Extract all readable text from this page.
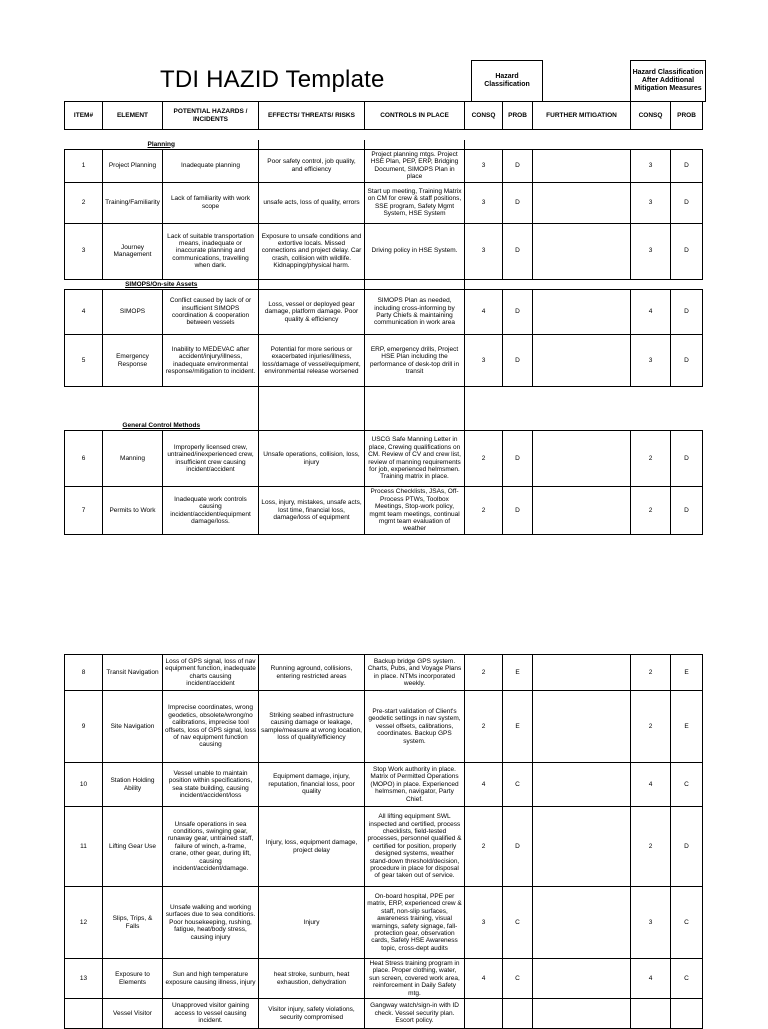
TDI HAZID Template	Hazard Classification
Hazard Classification After Additional Mitigation Measures
ITEM#	ELEMENT	POTENTIAL HAZARDS / INCIDENTS	EFFECTS/ THREATS/ RISKS	CONTROLS IN PLACE	CONSQ	PROB	FURTHER MITIGATION	CONSQ	PROB

Planning									
1	Project Planning	Inadequate planning	Poor safety control, job quality, and efficiency	Project planning mtgs. Project HSE Plan, PEP, ERP, Bridging Document, SIMOPS Plan in place	3	D		3	D
2	Training/Familiarity	Lack of familiarity with work scope	unsafe acts, loss of quality, errors	Start up meeting, Training Matrix on CM for crew & staff positions, SSE program, Safety Mgmt System, HSE System	3	D		3	D
3	Journey Management	Lack of suitable transportation means, inadequate or inaccurate planning and communications, travelling when dark.	Exposure to unsafe conditions and extortive locals. Missed connections and project delay. Car crash, collision with wildlife. Kidnapping/physical harm.	Driving policy in HSE System.	3	D		3	D
SIMOPS/On-site Assets									
4	SIMOPS	Conflict caused by lack of or insufficient SIMOPS coordination & cooperation between vessels	Loss, vessel or deployed gear damage, platform damage. Poor quality & efficiency	SIMOPS Plan as needed, including cross-informing by Party Chiefs & maintaining communication in work area	4	D		4	D
5	Emergency Response	Inability to MEDEVAC after accident/injury/illness, inadequate environmental response/mitigation to incident.	Potential for more serious or exacerbated injuries/illness, loss/damage of vessel/equipment, environmental release worsened	ERP, emergency drills, Project HSE Plan including the performance of desk-top drill in transit	3	D		3	D

General Control Methods									
6	Manning	Improperly licensed crew, untrained/inexperienced crew, insufficient crew causing incident/accident	Unsafe operations, collision, loss, injury	USCG Safe Manning Letter in place, Crewing qualifications on CM. Review of CV and crew list, review of manning requirements for job, experienced helmsmen. Training matrix in place.	2	D		2	D
7	Permits to Work	Inadequate work controls causing incident/accident/equipment damage/loss.	Loss, injury, mistakes, unsafe acts, lost time, financial loss, damage/loss of equipment	Process Checklists, JSAs, Off-Process PTWs, Toolbox Meetings, Stop-work policy, mgmt team meetings, continual mgmt team evaluation of weather	2	D		2	D
8	Transit Navigation	Loss of GPS signal, loss of nav equipment function, inadequate charts causing incident/accident	Running aground, collisions, entering restricted areas	Backup bridge GPS system. Charts, Pubs, and Voyage Plans in place. NTMs incorporated weekly.	2	E		2	E
9	Site Navigation	Imprecise coordinates, wrong geodetics, obsolete/wrong/no calibrations, imprecise tool offsets, loss of GPS signal, loss of nav equipment function causing	Striking seabed infrastructure causing damage or leakage, sample/measure at wrong location, loss of quality/efficiency	Pre-start validation of Client's geodetic settings in nav system, vessel offsets, calibrations, coordinates. Backup GPS system.	2	E		2	E
10	Station Holding Ability	Vessel unable to maintain position within specifications, sea state building, causing incident/accident/loss	Equipment damage, injury, reputation, financial loss, poor quality	Stop Work authority in place. Matrix of Permitted Operations (MOPO) in place. Experienced helmsmen, navigator, Party Chief.	4	C		4	C
11	Lifting Gear Use	Unsafe operations in sea conditions, swinging gear, runaway gear, untrained staff, failure of winch, a-frame, crane, other gear, during lift, causing incident/accident/damage.	Injury, loss, equipment damage, project delay	All lifting equipment SWL inspected and certified, process checklists, field-tested processes, personnel qualified & certified for position, properly designed systems, weather stand-down threshold/decision, procedure in place for disposal of gear taken out of service.	2	D		2	D
12	Slips, Trips, & Falls	Unsafe walking and working surfaces due to sea conditions. Poor housekeeping, rushing, fatigue, heat/body stress, causing injury	Injury	On-board hospital, PPE per matrix, ERP, experienced crew & staff, non-slip surfaces, awareness training, visual warnings, safety signage, fall-protection gear, observation cards, Safety HSE Awareness topic, cross-dept audits	3	C		3	C
13	Exposure to Elements	Sun and high temperature exposure causing illness, injury	heat stroke, sunburn, heat exhaustion, dehydration	Heat Stress training program in place. Proper clothing, water, sun screen, covered work area, reinforcement in Daily Safety mtg.	4	C		4	C
	Vessel Visitor	Unapproved visitor gaining access to vessel causing incident.	Visitor injury, safety violations, security compromised	Gangway watch/sign-in with ID check. Vessel security plan. Escort policy.					
